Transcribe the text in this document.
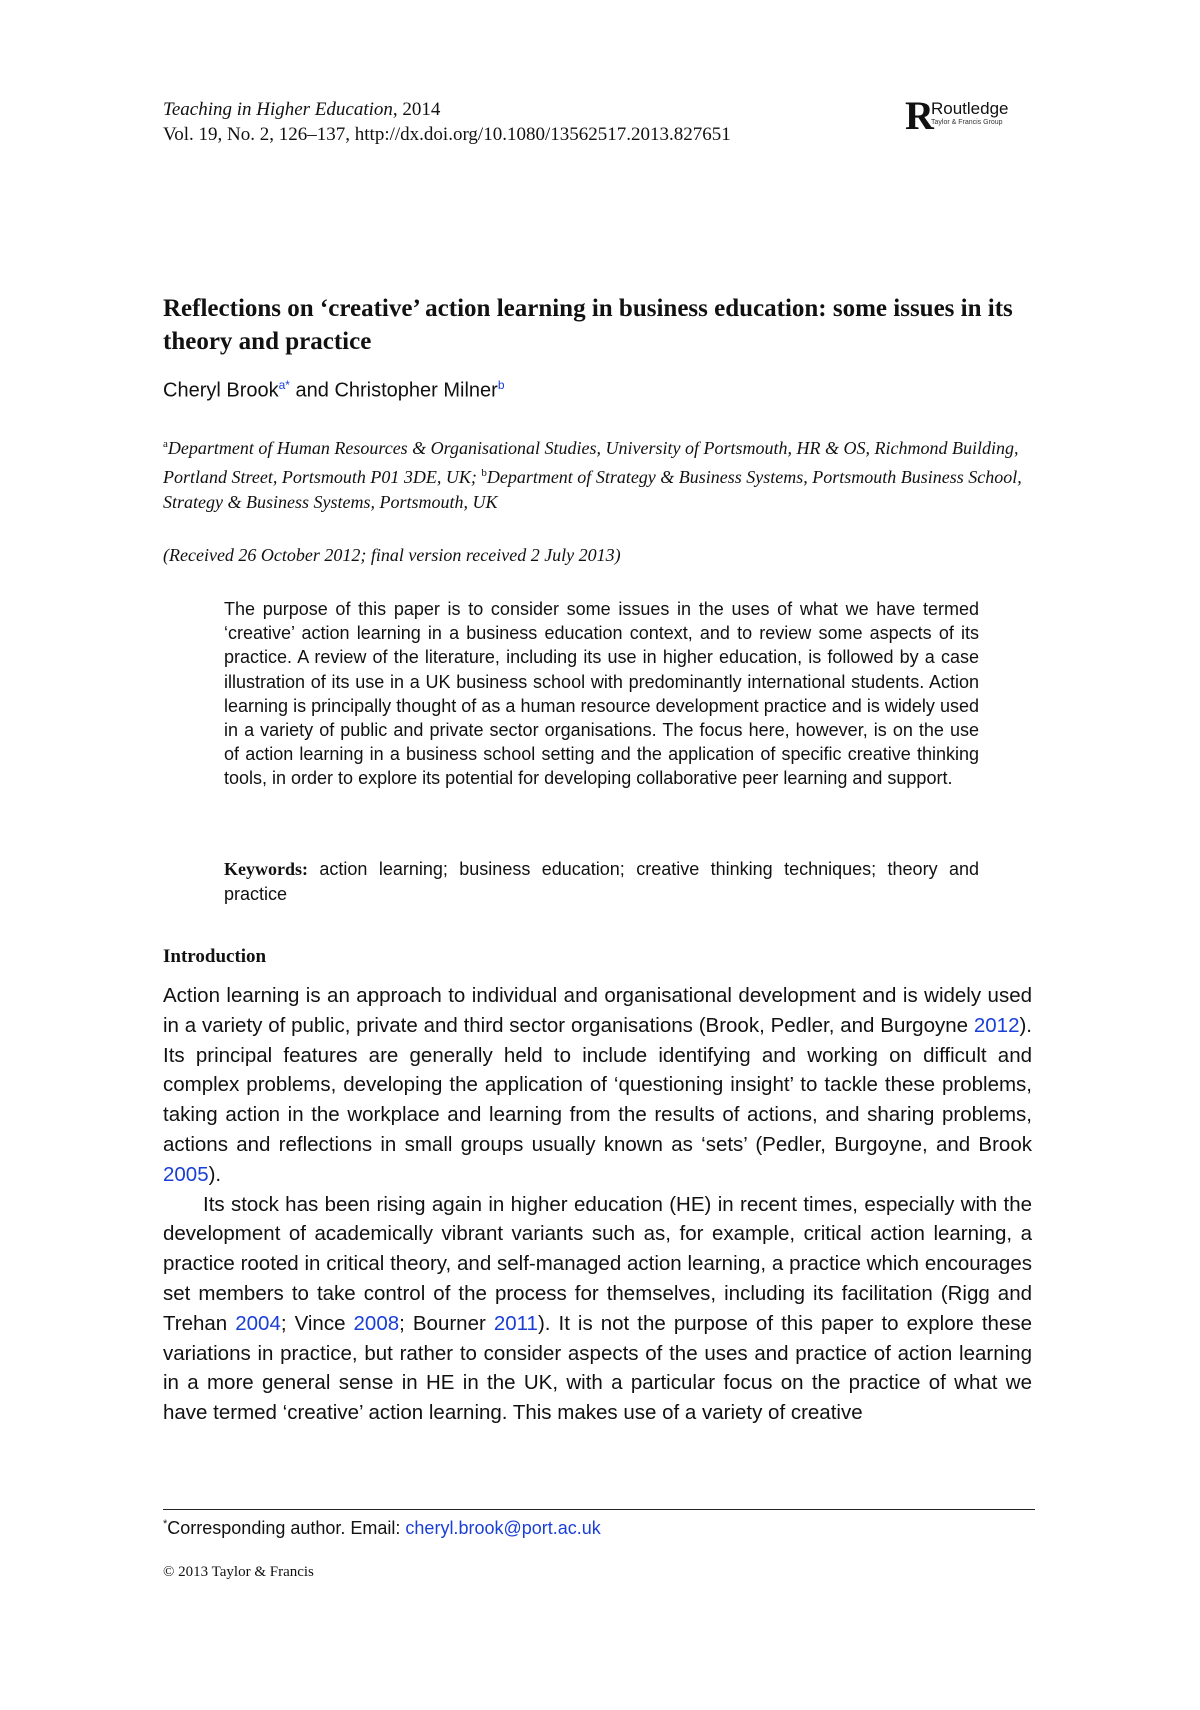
Teaching in Higher Education, 2014
Vol. 19, No. 2, 126–137, http://dx.doi.org/10.1080/13562517.2013.827651	R
Routledge
Taylor & Francis Group
Reflections on ‘creative’ action learning in business education: some issues in its theory and practice
Cheryl Brook$^{a*}$ and Christopher Milner$^b$
$^a$Department of Human Resources & Organisational Studies, University of Portsmouth, HR & OS, Richmond Building, Portland Street, Portsmouth P01 3DE, UK; $^b$Department of Strategy & Business Systems, Portsmouth Business School, Strategy & Business Systems, Portsmouth, UK
(Received 26 October 2012; final version received 2 July 2013)
The purpose of this paper is to consider some issues in the uses of what we have termed ‘creative’ action learning in a business education context, and to review some aspects of its practice. A review of the literature, including its use in higher education, is followed by a case illustration of its use in a UK business school with predominantly international students. Action learning is principally thought of as a human resource development practice and is widely used in a variety of public and private sector organisations. The focus here, however, is on the use of action learning in a business school setting and the application of specific creative thinking tools, in order to explore its potential for developing collaborative peer learning and support.
Keywords: action learning; business education; creative thinking techniques; theory and practice
Introduction

Action learning is an approach to individual and organisational development and is widely used in a variety of public, private and third sector organisations (Brook, Pedler, and Burgoyne 2012). Its principal features are generally held to include identifying and working on difficult and complex problems, developing the application of ‘questioning insight’ to tackle these problems, taking action in the workplace and learning from the results of actions, and sharing problems, actions and reflections in small groups usually known as ‘sets’ (Pedler, Burgoyne, and Brook 2005).

Its stock has been rising again in higher education (HE) in recent times, especially with the development of academically vibrant variants such as, for example, critical action learning, a practice rooted in critical theory, and self-managed action learning, a practice which encourages set members to take control of the process for themselves, including its facilitation (Rigg and Trehan 2004; Vince 2008; Bourner 2011). It is not the purpose of this paper to explore these variations in practice, but rather to consider aspects of the uses and practice of action learning in a more general sense in HE in the UK, with a particular focus on the practice of what we have termed ‘creative’ action learning. This makes use of a variety of creative

*Corresponding author. Email: cheryl.brook@port.ac.uk
© 2013 Taylor & Francis
